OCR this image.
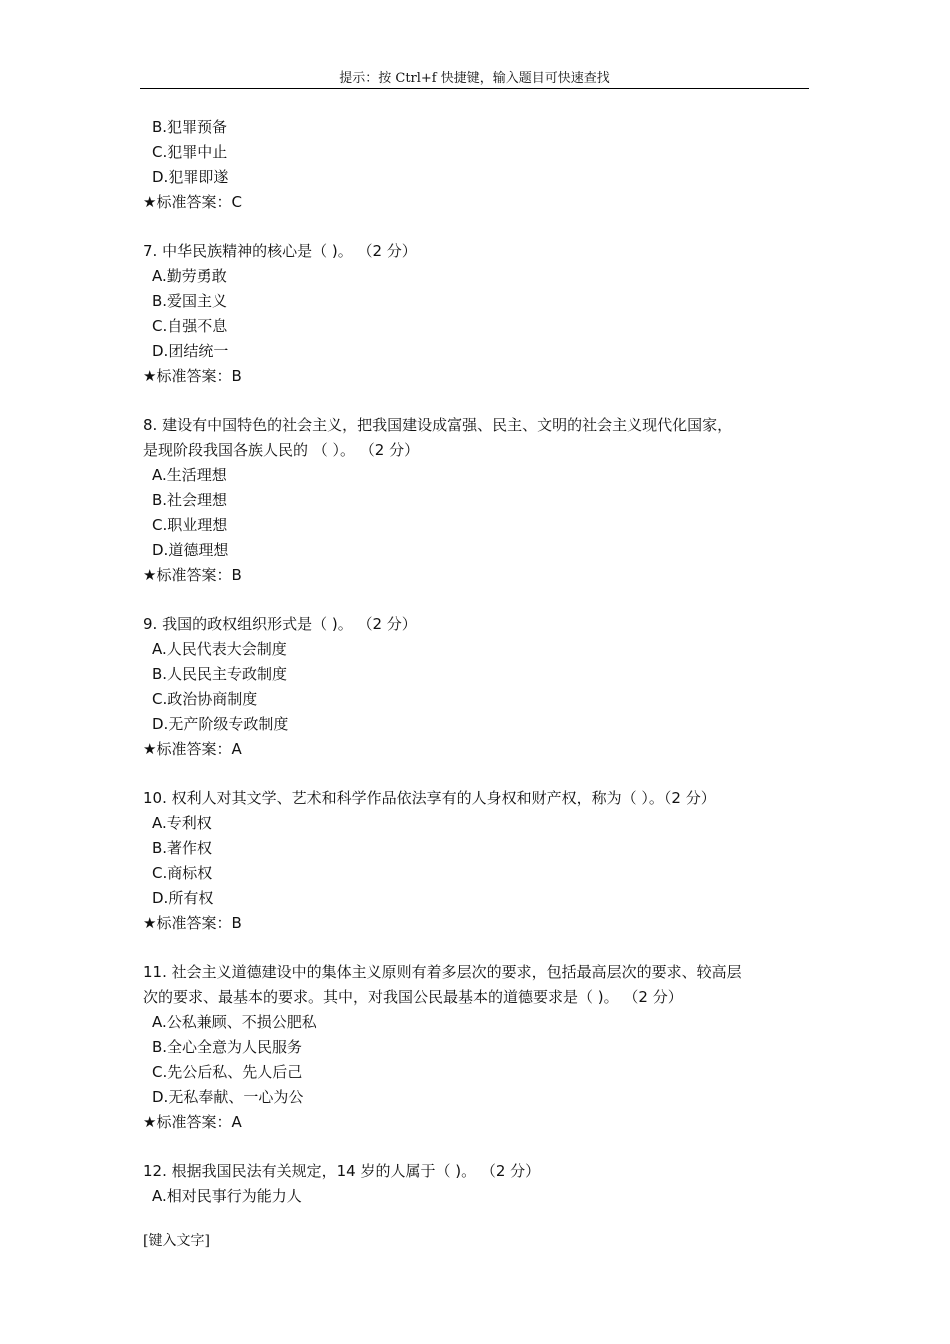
提示：按 Ctrl+f 快捷键，输入题目可快速查找
B.犯罪预备
C.犯罪中止
D.犯罪即遂
★标准答案：C
7. 中华民族精神的核心是（ )。 （2 分）
A.勤劳勇敢
B.爱国主义
C.自强不息
D.团结统一
★标准答案：B
8. 建设有中国特色的社会主义，把我国建设成富强、民主、文明的社会主义现代化国家，
是现阶段我国各族人民的 （ ）。 （2 分）
A.生活理想
B.社会理想
C.职业理想
D.道德理想
★标准答案：B
9. 我国的政权组织形式是（ )。 （2 分）
A.人民代表大会制度
B.人民民主专政制度
C.政治协商制度
D.无产阶级专政制度
★标准答案：A
10. 权利人对其文学、艺术和科学作品依法享有的人身权和财产权，称为（ ）。（2 分）
A.专利权
B.著作权
C.商标权
D.所有权
★标准答案：B
11. 社会主义道德建设中的集体主义原则有着多层次的要求，包括最高层次的要求、较高层
次的要求、最基本的要求。其中，对我国公民最基本的道德要求是（ )。 （2 分）
A.公私兼顾、不损公肥私
B.全心全意为人民服务
C.先公后私、先人后己
D.无私奉献、一心为公
★标准答案：A
12. 根据我国民法有关规定，14 岁的人属于（ )。 （2 分）
A.相对民事行为能力人
[键入文字]
